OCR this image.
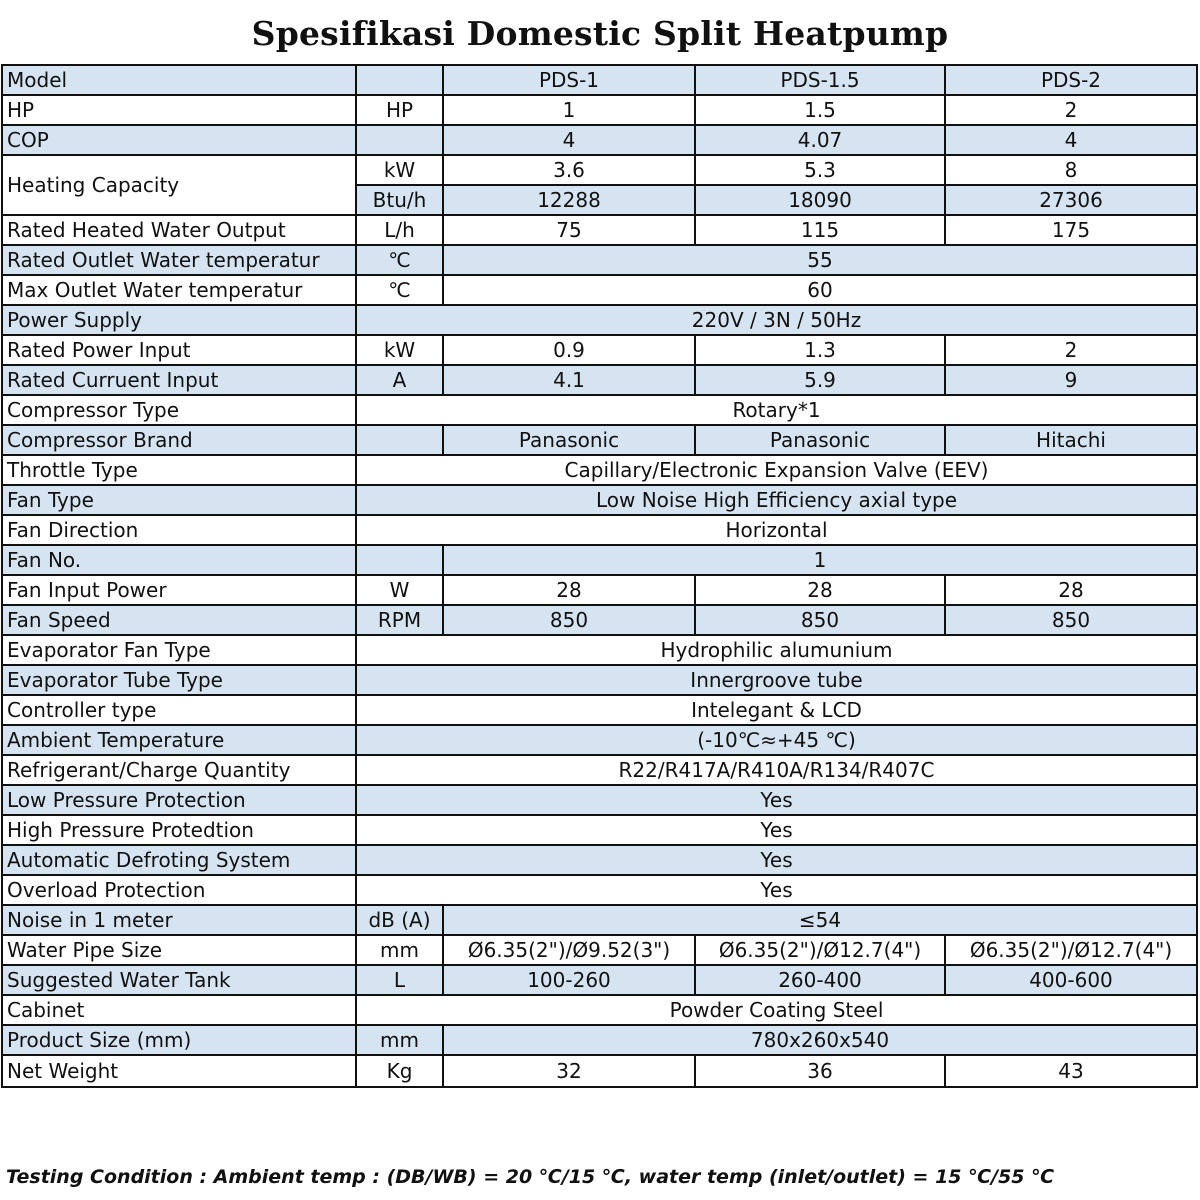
Spesifikasi Domestic Split Heatpump
Model		PDS-1	PDS-1.5	PDS-2
HP	HP	1	1.5	2
COP		4	4.07	4
Heating Capacity	kW	3.6	5.3	8
	Btu/h	12288	18090	27306
Rated Heated Water Output	L/h	75	115	175
Rated Outlet Water temperatur	℃	55		
Max Outlet Water temperatur	℃	60		
Power Supply	220V / 3N / 50Hz			
Rated Power Input	kW	0.9	1.3	2
Rated Curruent Input	A	4.1	5.9	9
Compressor Type	Rotary*1			
Compressor Brand		Panasonic	Panasonic	Hitachi
Throttle Type	Capillary/Electronic Expansion Valve (EEV)			
Fan Type	Low Noise High Efficiency axial type			
Fan Direction	Horizontal			
Fan No.		1		
Fan Input Power	W	28	28	28
Fan Speed	RPM	850	850	850
Evaporator Fan Type	Hydrophilic alumunium			
Evaporator Tube Type	Innergroove tube			
Controller type	Intelegant & LCD			
Ambient Temperature	(-10℃≈+45 ℃)			
Refrigerant/Charge Quantity	R22/R417A/R410A/R134/R407C			
Low Pressure Protection	Yes			
High Pressure Protedtion	Yes			
Automatic Defroting System	Yes			
Overload Protection	Yes			
Noise in 1 meter	dB (A)	≤54		
Water Pipe Size	mm	Ø6.35(2")/Ø9.52(3")	Ø6.35(2")/Ø12.7(4")	Ø6.35(2")/Ø12.7(4")
Suggested Water Tank	L	100-260	260-400	400-600
Cabinet	Powder Coating Steel			
Product Size (mm)	mm	780x260x540		
Net Weight	Kg	32	36	43
Testing Condition : Ambient temp : (DB/WB) = 20 ℃/15 ℃, water temp (inlet/outlet) = 15 ℃/55 ℃
